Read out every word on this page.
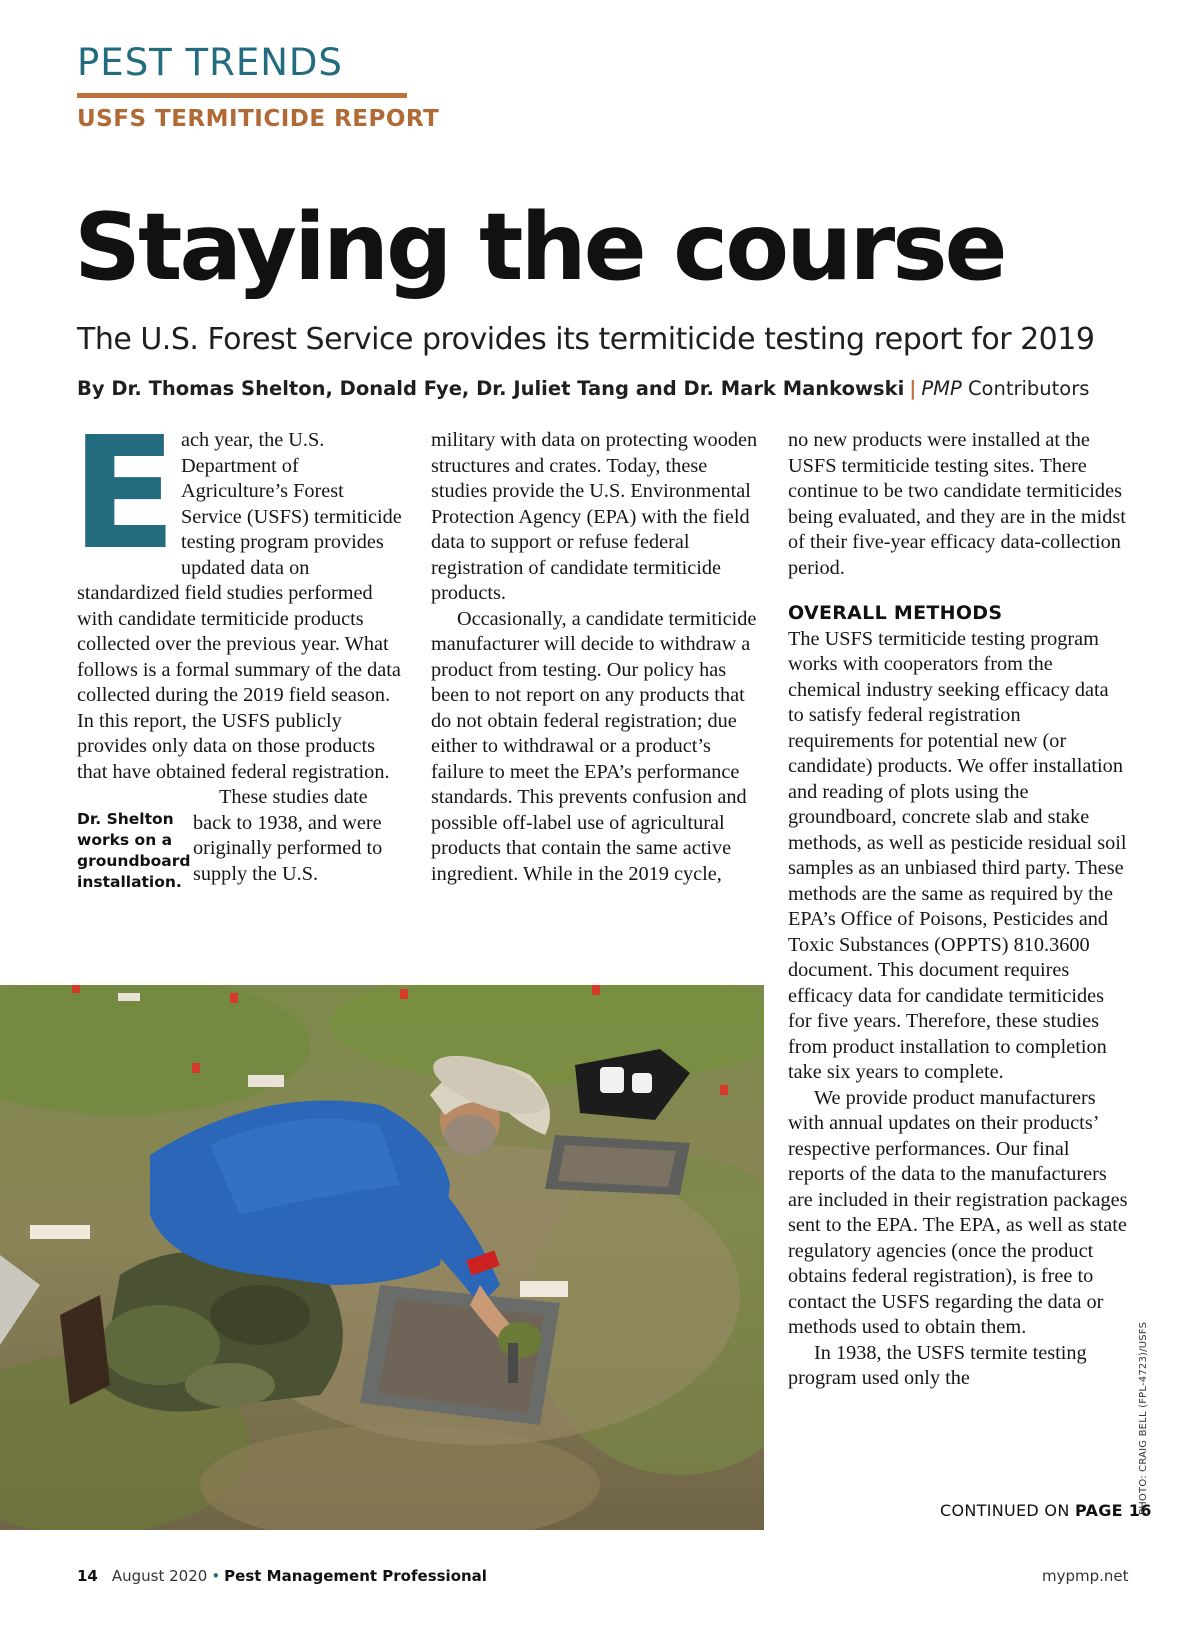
PEST TRENDS
USFS TERMITICIDE REPORT
Staying the course
The U.S. Forest Service provides its termiticide testing report for 2019
By Dr. Thomas Shelton, Donald Fye, Dr. Juliet Tang and Dr. Mark Mankowski | PMP Contributors
E ach year, the U.S. Department of Agriculture’s Forest Service (USFS) termiticide testing program provides updated data on standardized field studies performed with candidate termiticide products collected over the previous year. What follows is a formal summary of the data collected during the 2019 field season. In this report, the USFS publicly provides only data on those products that have obtained federal registration.

Dr. Shelton works on a groundboard installation.

These studies date back to 1938, and were originally performed to supply the U.S.

military with data on protecting wooden structures and crates. Today, these studies provide the U.S. Environmental Protection Agency (EPA) with the field data to support or refuse federal registration of candidate termiticide products.

Occasionally, a candidate termiticide manufacturer will decide to withdraw a product from testing. Our policy has been to not report on any products that do not obtain federal registration; due either to withdrawal or a product’s failure to meet the EPA’s performance standards. This prevents confusion and possible off-label use of agricultural products that contain the same active ingredient. While in the 2019 cycle,

no new products were installed at the USFS termiticide testing sites. There continue to be two candidate termiticides being evaluated, and they are in the midst of their five-year efficacy data-collection period.

OVERALL METHODS

The USFS termiticide testing program works with cooperators from the chemical industry seeking efficacy data to satisfy federal registration requirements for potential new (or candidate) products. We offer installation and reading of plots using the groundboard, concrete slab and stake methods, as well as pesticide residual soil samples as an unbiased third party. These methods are the same as required by the EPA’s Office of Poisons, Pesticides and Toxic Substances (OPPTS) 810.3600 document. This document requires efficacy data for candidate termiticides for five years. Therefore, these studies from product installation to completion take six years to complete.

We provide product manufacturers with annual updates on their products’ respective performances. Our final reports of the data to the manufacturers are included in their registration packages sent to the EPA. The EPA, as well as state regulatory agencies (once the product obtains federal registration), is free to contact the USFS regarding the data or methods used to obtain them.

In 1938, the USFS termite testing program used only the

CONTINUED ON PAGE 16
PHOTO: CRAIG BELL (FPL-4723)/USFS
14 August 2020 • Pest Management Professional	mypmp.net
